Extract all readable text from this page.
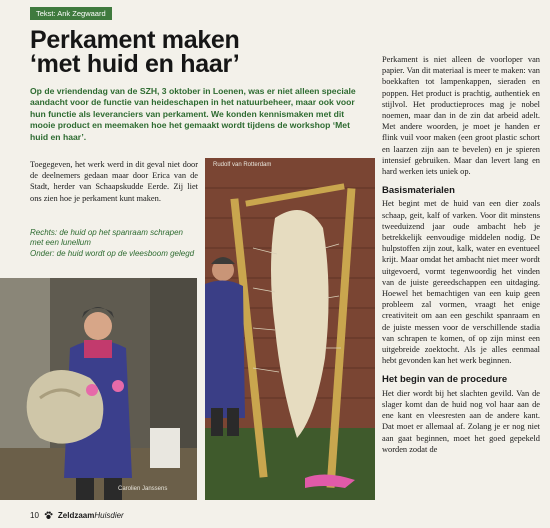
Tekst: Ank Zegwaard
Perkament maken
‘met huid en haar’
Op de vriendendag van de SZH, 3 oktober in Loenen, was er niet alleen speciale aandacht voor de functie van heideschapen in het natuurbeheer, maar ook voor hun functie als leveranciers van perkament. We konden kennismaken met dit mooie product en meemaken hoe het gemaakt wordt tijdens de workshop ‘Met huid en haar’.
Toegegeven, het werk werd in dit geval niet door de deelnemers gedaan maar door Erica van de Stadt, herder van Schaapskudde Eerde. Zij liet ons zien hoe je perkament kunt maken.
Rechts: de huid op het spanraam schrapen met een lunellum
Onder: de huid wordt op de vleesboom gelegd
Carolien Janssens
Rudolf van Rotterdam

Perkament is niet alleen de voorloper van papier. Van dit materiaal is meer te maken: van boekkaften tot lampenkappen, sieraden en poppen. Het product is prachtig, authentiek en stijlvol. Het productieproces mag je nobel noemen, maar dan in de zin dat arbeid adelt. Met andere woorden, je moet je handen er flink vuil voor maken (een groot plastic schort en laarzen zijn aan te bevelen) en je spieren intensief gebruiken. Maar dan levert lang en hard werken iets uniek op.

Basismaterialen

Het begint met de huid van een dier zoals schaap, geit, kalf of varken. Voor dit minstens tweeduizend jaar oude ambacht heb je betrekkelijk eenvoudige middelen nodig. De hulpstoffen zijn zout, kalk, water en eventueel krijt. Maar omdat het ambacht niet meer wordt uitgevoerd, vormt tegenwoordig het vinden van de juiste gereedschappen een uitdaging. Hoewel het bemachtigen van een kuip geen probleem zal vormen, vraagt het enige creativiteit om aan een geschikt spanraam en de juiste messen voor de verschillende stadia van schrapen te komen, of op zijn minst een uitgebreide zoektocht. Als je alles eenmaal hebt gevonden kan het werk beginnen.

Het begin van de procedure

Het dier wordt bij het slachten gevild. Van de slager komt dan de huid nog vol haar aan de ene kant en vleesresten aan de andere kant. Dat moet er allemaal af. Zolang je er nog niet aan gaat beginnen, moet het goed gepekeld worden zodat de

10 ZeldzaamHuisdier
